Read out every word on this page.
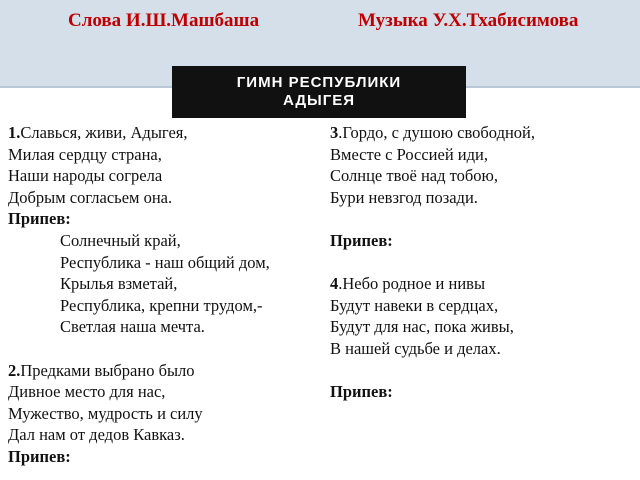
Слова И.Ш.Машбаша	Музыка У.Х.Тхабисимова
ГИМН РЕСПУБЛИКИ
АДЫГЕЯ
1.Славься, живи, Адыгея,
Милая сердцу страна,
Наши народы согрела
Добрым согласьем она.
Припев:
Солнечный край,
Республика - наш общий дом,
Крылья взметай,
Республика, крепни трудом,-
Светлая наша мечта.
2.Предками выбрано было
Дивное место для нас,
Мужество, мудрость и силу
Дал нам от дедов Кавказ.
Припев:
3.Гордо, с душою свободной,
Вместе с Россией иди,
Солнце твоё над тобою,
Бури невзгод позади.
Припев:
4.Небо родное и нивы
Будут навеки в сердцах,
Будут для нас, пока живы,
В нашей судьбе и делах.
Припев:
